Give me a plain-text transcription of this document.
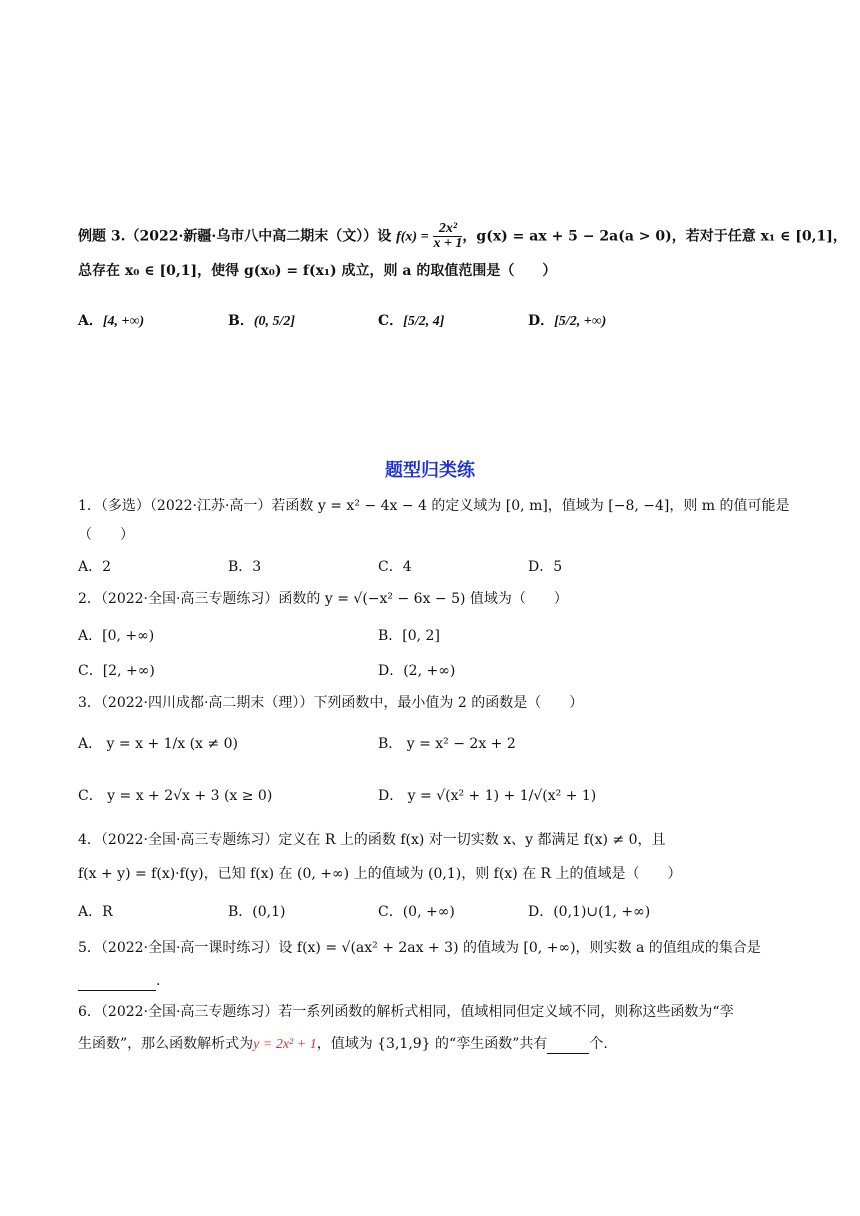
例题 3.（2022·新疆·乌市八中高二期末（文））设 $f(x) = \frac{\text{2x²}}{x + 1}$ ，g(x) = ax + 5 − 2a(a > 0)，若对于任意 x₁ ∈ [0,1]，
总存在 x₀ ∈ [0,1]，使得 g(x₀) = f(x₁) 成立，则 a 的取值范围是（　　）
A．[4, +∞)	B．(0, 5/2]	C．[5/2, 4]	D．[5/2, +∞)
题型归类练
1．（多选）（2022·江苏·高一）若函数 y = x² − 4x − 4 的定义域为 [0, m]，值域为 [−8, −4]，则 m 的值可能是
（　　）
A．2	B．3	C．4	D．5
2．（2022·全国·高三专题练习）函数的 y = √(−x² − 6x − 5) 值域为（　　）
A．[0, +∞)	B．[0, 2]
C．[2, +∞)	D．(2, +∞)
3．（2022·四川成都·高二期末（理））下列函数中，最小值为 2 的函数是（　　）
A． y = x + 1/x (x ≠ 0)	B． y = x² − 2x + 2
C． y = x + 2√x + 3 (x ≥ 0)	D． y = √(x² + 1) + 1/√(x² + 1)
4．（2022·全国·高三专题练习）定义在 R 上的函数 f(x) 对一切实数 x、y 都满足 f(x) ≠ 0，且
f(x + y) = f(x)·f(y)，已知 f(x) 在 (0, +∞) 上的值域为 (0,1)，则 f(x) 在 R 上的值域是（　　）
A．R	B．(0,1)	C．(0, +∞)	D．(0,1)∪(1, +∞)
5．（2022·全国·高一课时练习）设 f(x) = √(ax² + 2ax + 3) 的值域为 [0, +∞)，则实数 a 的值组成的集合是
.
6．（2022·全国·高三专题练习）若一系列函数的解析式相同，值域相同但定义域不同，则称这些函数为“孪
生函数”，那么函数解析式为y = 2x² + 1，值域为 {3,1,9} 的“孪生函数”共有	个.
